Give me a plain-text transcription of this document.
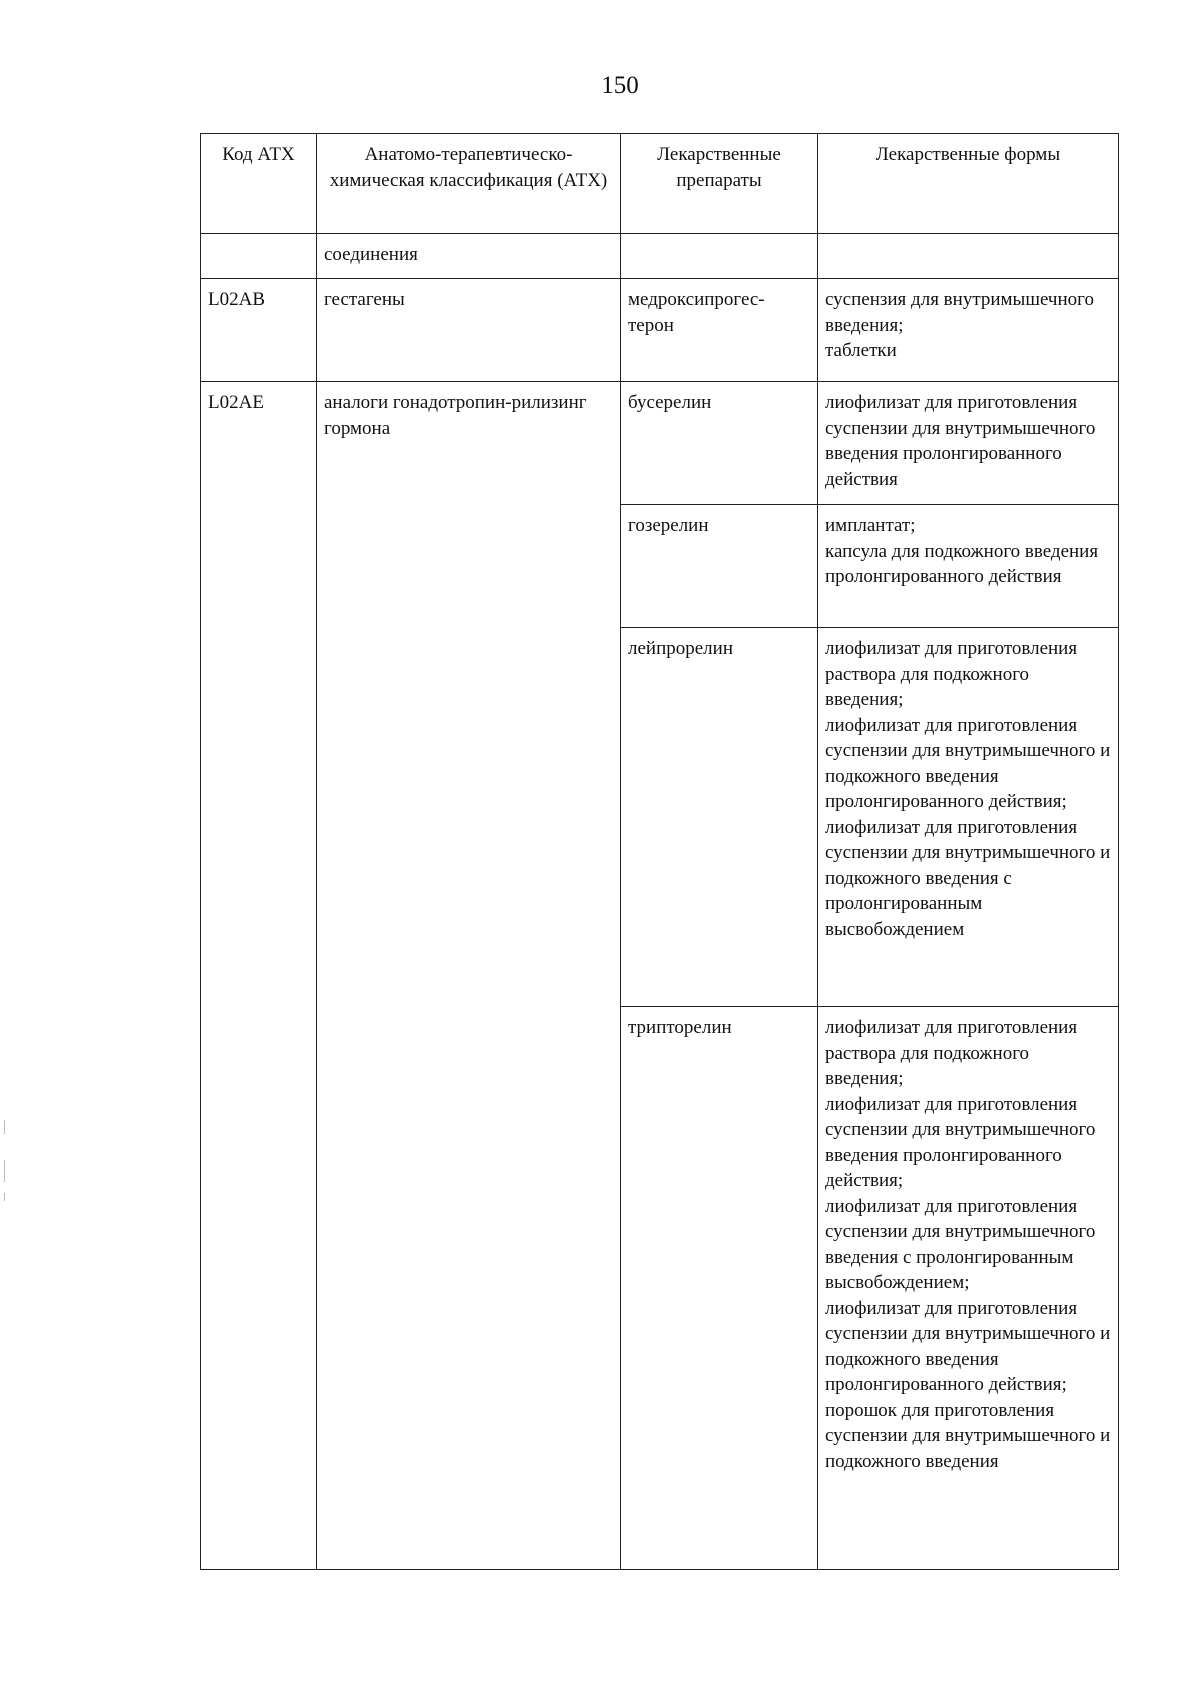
150
Код АТХ	Анатомо-терапевтическо-химическая классификация (АТХ)	Лекарственные препараты	Лекарственные формы
	соединения		
L02AB	гестагены	медроксипрогес-терон	суспензия для внутримышечного введения;
таблетки

L02AE	аналоги гонадотропин-рилизинг гормона	бусерелин	лиофилизат для приготовления суспензии для внутримышечного введения пролонгированного действия

		гозерелин	имплантат;
капсула для подкожного введения пролонгированного действия

		лейпрорелин	лиофилизат для приготовления раствора для подкожного введения;
лиофилизат для приготовления суспензии для внутримышечного и подкожного введения пролонгированного действия;
лиофилизат для приготовления суспензии для внутримышечного и подкожного введения с пролонгированным высвобождением

		трипторелин	лиофилизат для приготовления раствора для подкожного введения;
лиофилизат для приготовления суспензии для внутримышечного введения пролонгированного действия;
лиофилизат для приготовления суспензии для внутримышечного введения с пролонгированным высвобождением;
лиофилизат для приготовления суспензии для внутримышечного и подкожного введения пролонгированного действия;
порошок для приготовления суспензии для внутримышечного и подкожного введения
